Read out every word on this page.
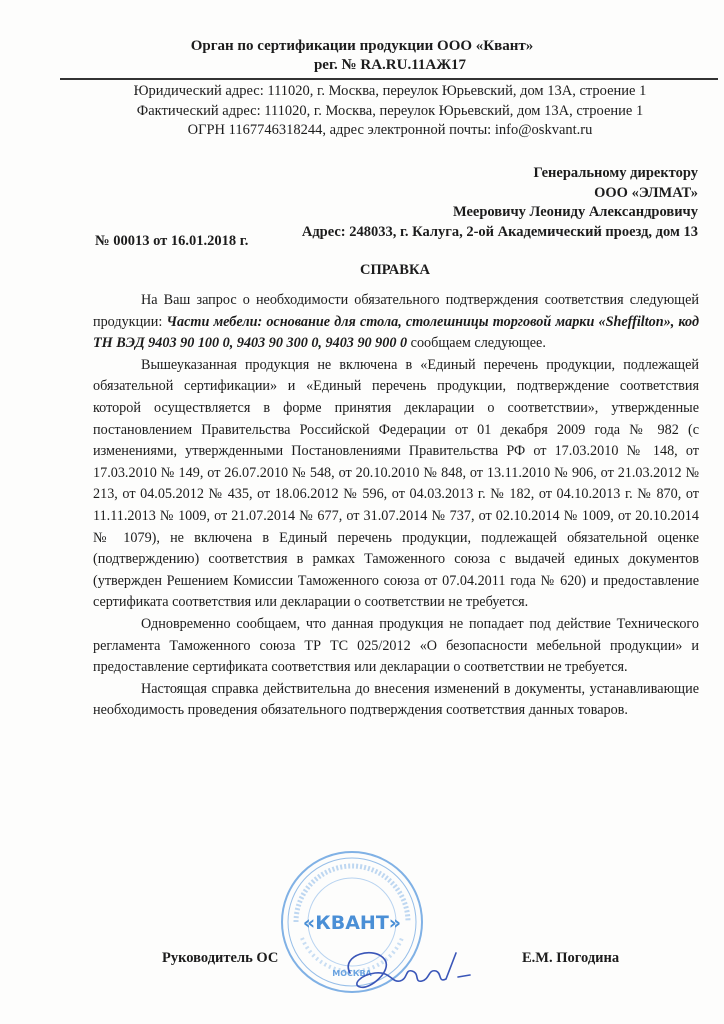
Орган по сертификации продукции ООО «Квант»
рег. № RA.RU.11АЖ17
Юридический адрес: 111020, г. Москва, переулок Юрьевский, дом 13А, строение 1
Фактический адрес: 111020, г. Москва, переулок Юрьевский, дом 13А, строение 1
ОГРН 1167746318244, адрес электронной почты: info@oskvant.ru
Генеральному директору
ООО «ЭЛМАТ»
Меeровичу Леониду Александровичу
Адрес: 248033, г. Калуга, 2-ой Академический проезд, дом 13
№ 00013 от 16.01.2018 г.
СПРАВКА

На Ваш запрос о необходимости обязательного подтверждения соответствия следующей продукции: Части мебели: основание для стола, столешницы торговой марки «Sheffilton», код ТН ВЭД 9403 90 100 0, 9403 90 300 0, 9403 90 900 0 сообщаем следующее.

Вышеуказанная продукция не включена в «Единый перечень продукции, подлежащей обязательной сертификации» и «Единый перечень продукции, подтверждение соответствия которой осуществляется в форме принятия декларации о соответствии», утвержденные постановлением Правительства Российской Федерации от 01 декабря 2009 года № 982 (с изменениями, утвержденными Постановлениями Правительства РФ от 17.03.2010 № 148, от 17.03.2010 № 149, от 26.07.2010 № 548, от 20.10.2010 № 848, от 13.11.2010 № 906, от 21.03.2012 № 213, от 04.05.2012 № 435, от 18.06.2012 № 596, от 04.03.2013 г. № 182, от 04.10.2013 г. № 870, от 11.11.2013 № 1009, от 21.07.2014 № 677, от 31.07.2014 № 737, от 02.10.2014 № 1009, от 20.10.2014 № 1079), не включена в Единый перечень продукции, подлежащей обязательной оценке (подтверждению) соответствия в рамках Таможенного союза с выдачей единых документов (утвержден Решением Комиссии Таможенного союза от 07.04.2011 года № 620) и предоставление сертификата соответствия или декларации о соответствии не требуется.

Одновременно сообщаем, что данная продукция не попадает под действие Технического регламента Таможенного союза ТР ТС 025/2012 «О безопасности мебельной продукции» и предоставление сертификата соответствия или декларации о соответствии не требуется.

Настоящая справка действительна до внесения изменений в документы, устанавливающие необходимость проведения обязательного подтверждения соответствия данных товаров.

«КВАНТ»
МОСКВА
Руководитель ОС	Е.М. Погодина
